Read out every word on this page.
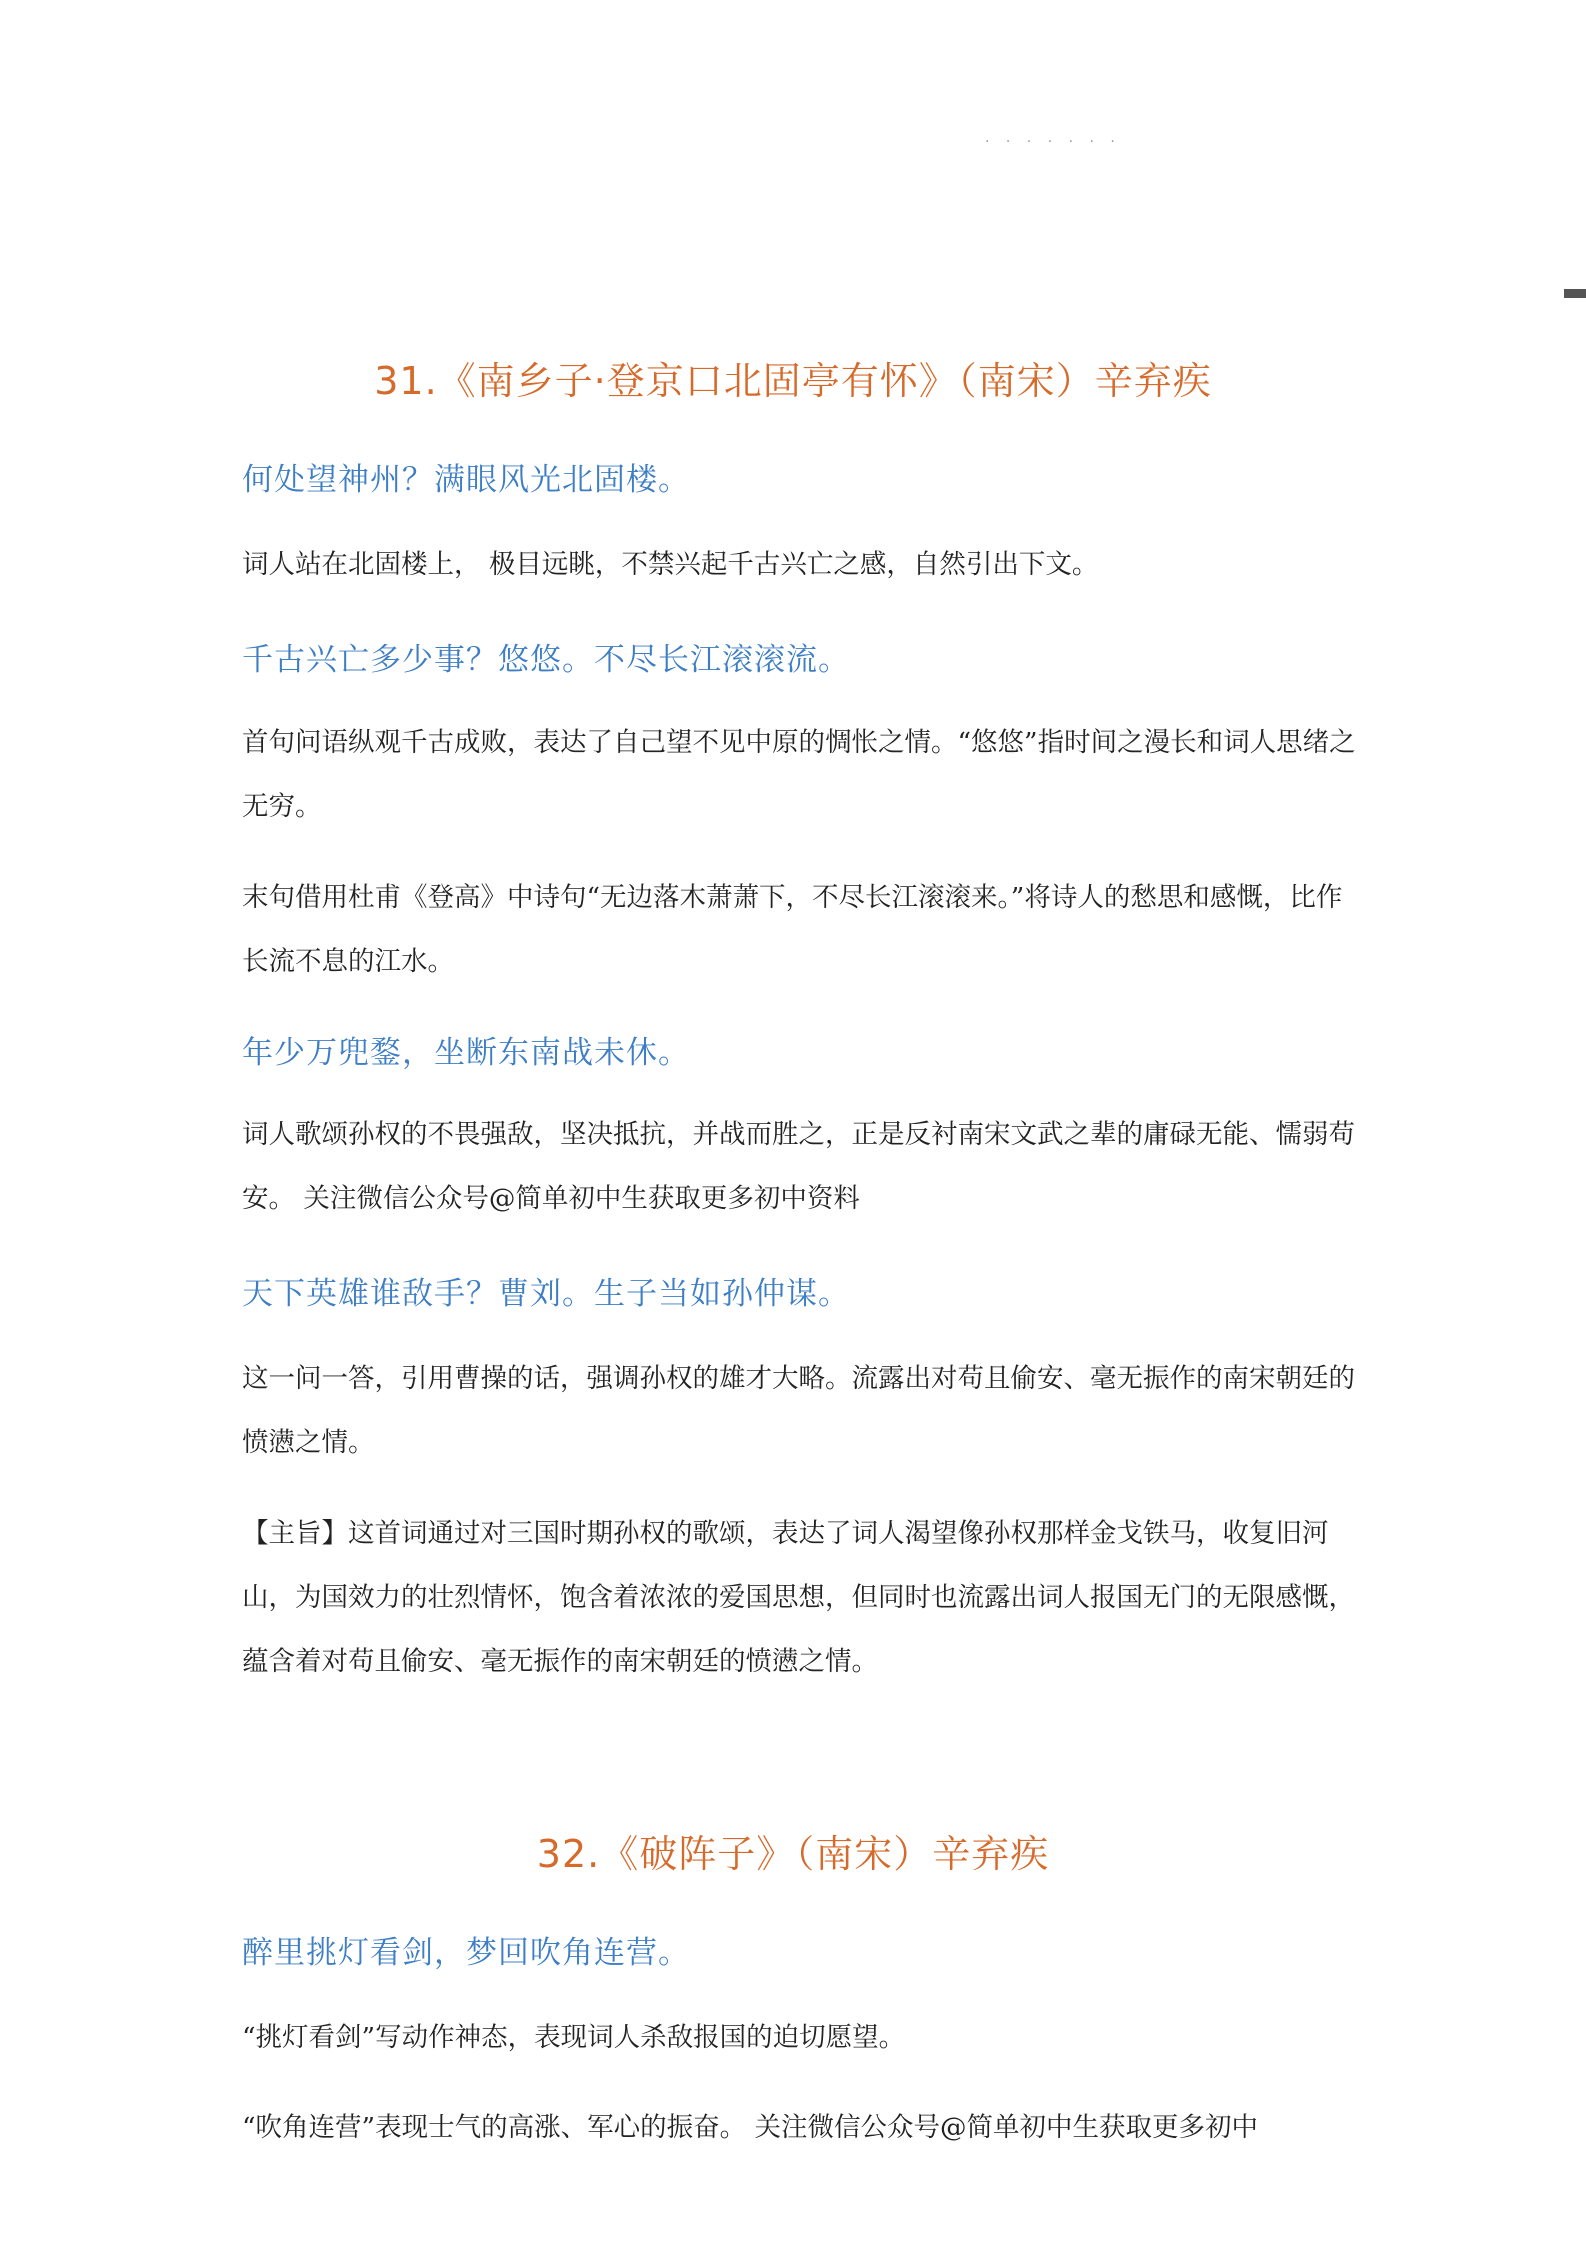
· · · · · · ·
31.《南乡子·登京口北固亭有怀》（南宋）辛弃疾
何处望神州？满眼风光北固楼。
词人站在北固楼上， 极目远眺，不禁兴起千古兴亡之感，自然引出下文。
千古兴亡多少事？悠悠。不尽长江滚滚流。
首句问语纵观千古成败，表达了自己望不见中原的惆怅之情。“悠悠”指时间之漫长和词人思绪之无穷。
末句借用杜甫《登高》中诗句“无边落木萧萧下，不尽长江滚滚来。”将诗人的愁思和感慨，比作长流不息的江水。
年少万兜鍪，坐断东南战未休。
词人歌颂孙权的不畏强敌，坚决抵抗，并战而胜之，正是反衬南宋文武之辈的庸碌无能、懦弱苟安。 关注微信公众号@简单初中生获取更多初中资料
天下英雄谁敌手？曹刘。生子当如孙仲谋。
这一问一答，引用曹操的话，强调孙权的雄才大略。流露出对苟且偷安、毫无振作的南宋朝廷的愤懑之情。
【主旨】这首词通过对三国时期孙权的歌颂，表达了词人渴望像孙权那样金戈铁马，收复旧河山，为国效力的壮烈情怀，饱含着浓浓的爱国思想，但同时也流露出词人报国无门的无限感慨，蕴含着对苟且偷安、毫无振作的南宋朝廷的愤懑之情。
32.《破阵子》（南宋）辛弃疾
醉里挑灯看剑，梦回吹角连营。
“挑灯看剑”写动作神态，表现词人杀敌报国的迫切愿望。
“吹角连营”表现士气的高涨、军心的振奋。 关注微信公众号@简单初中生获取更多初中
